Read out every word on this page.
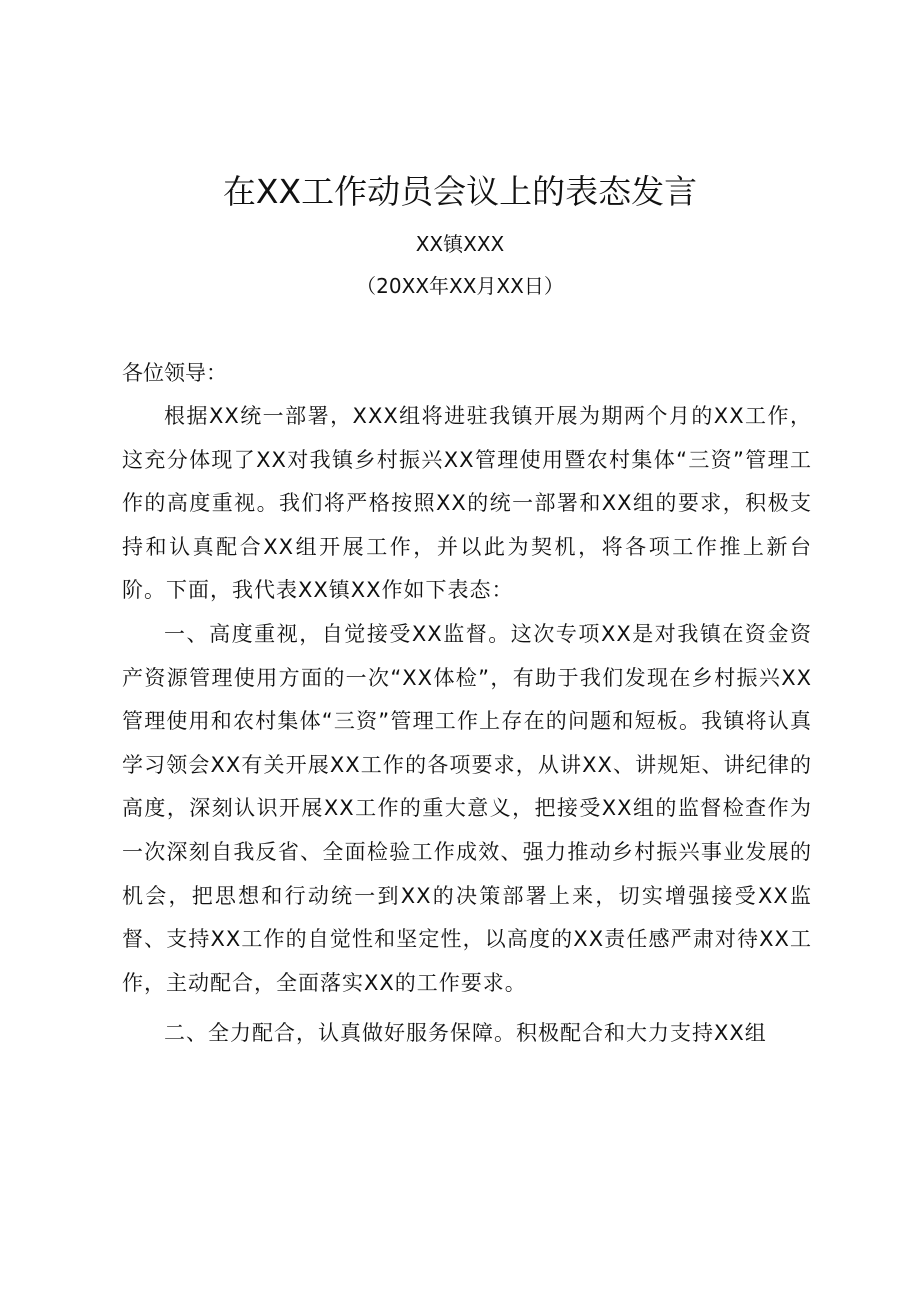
在XX工作动员会议上的表态发言

XX镇XXX

（20XX年XX月XX日）

各位领导：

根据XX统一部署，XXX组将进驻我镇开展为期两个月的XX工作，这充分体现了XX对我镇乡村振兴XX管理使用暨农村集体“三资”管理工作的高度重视。我们将严格按照XX的统一部署和XX组的要求，积极支持和认真配合XX组开展工作，并以此为契机，将各项工作推上新台阶。下面，我代表XX镇XX作如下表态：

一、高度重视，自觉接受XX监督。这次专项XX是对我镇在资金资产资源管理使用方面的一次“XX体检”，有助于我们发现在乡村振兴XX管理使用和农村集体“三资”管理工作上存在的问题和短板。我镇将认真学习领会XX有关开展XX工作的各项要求，从讲XX、讲规矩、讲纪律的高度，深刻认识开展XX工作的重大意义，把接受XX组的监督检查作为一次深刻自我反省、全面检验工作成效、强力推动乡村振兴事业发展的机会，把思想和行动统一到XX的决策部署上来，切实增强接受XX监督、支持XX工作的自觉性和坚定性，以高度的XX责任感严肃对待XX工作，主动配合，全面落实XX的工作要求。

二、全力配合，认真做好服务保障。积极配合和大力支持XX组
